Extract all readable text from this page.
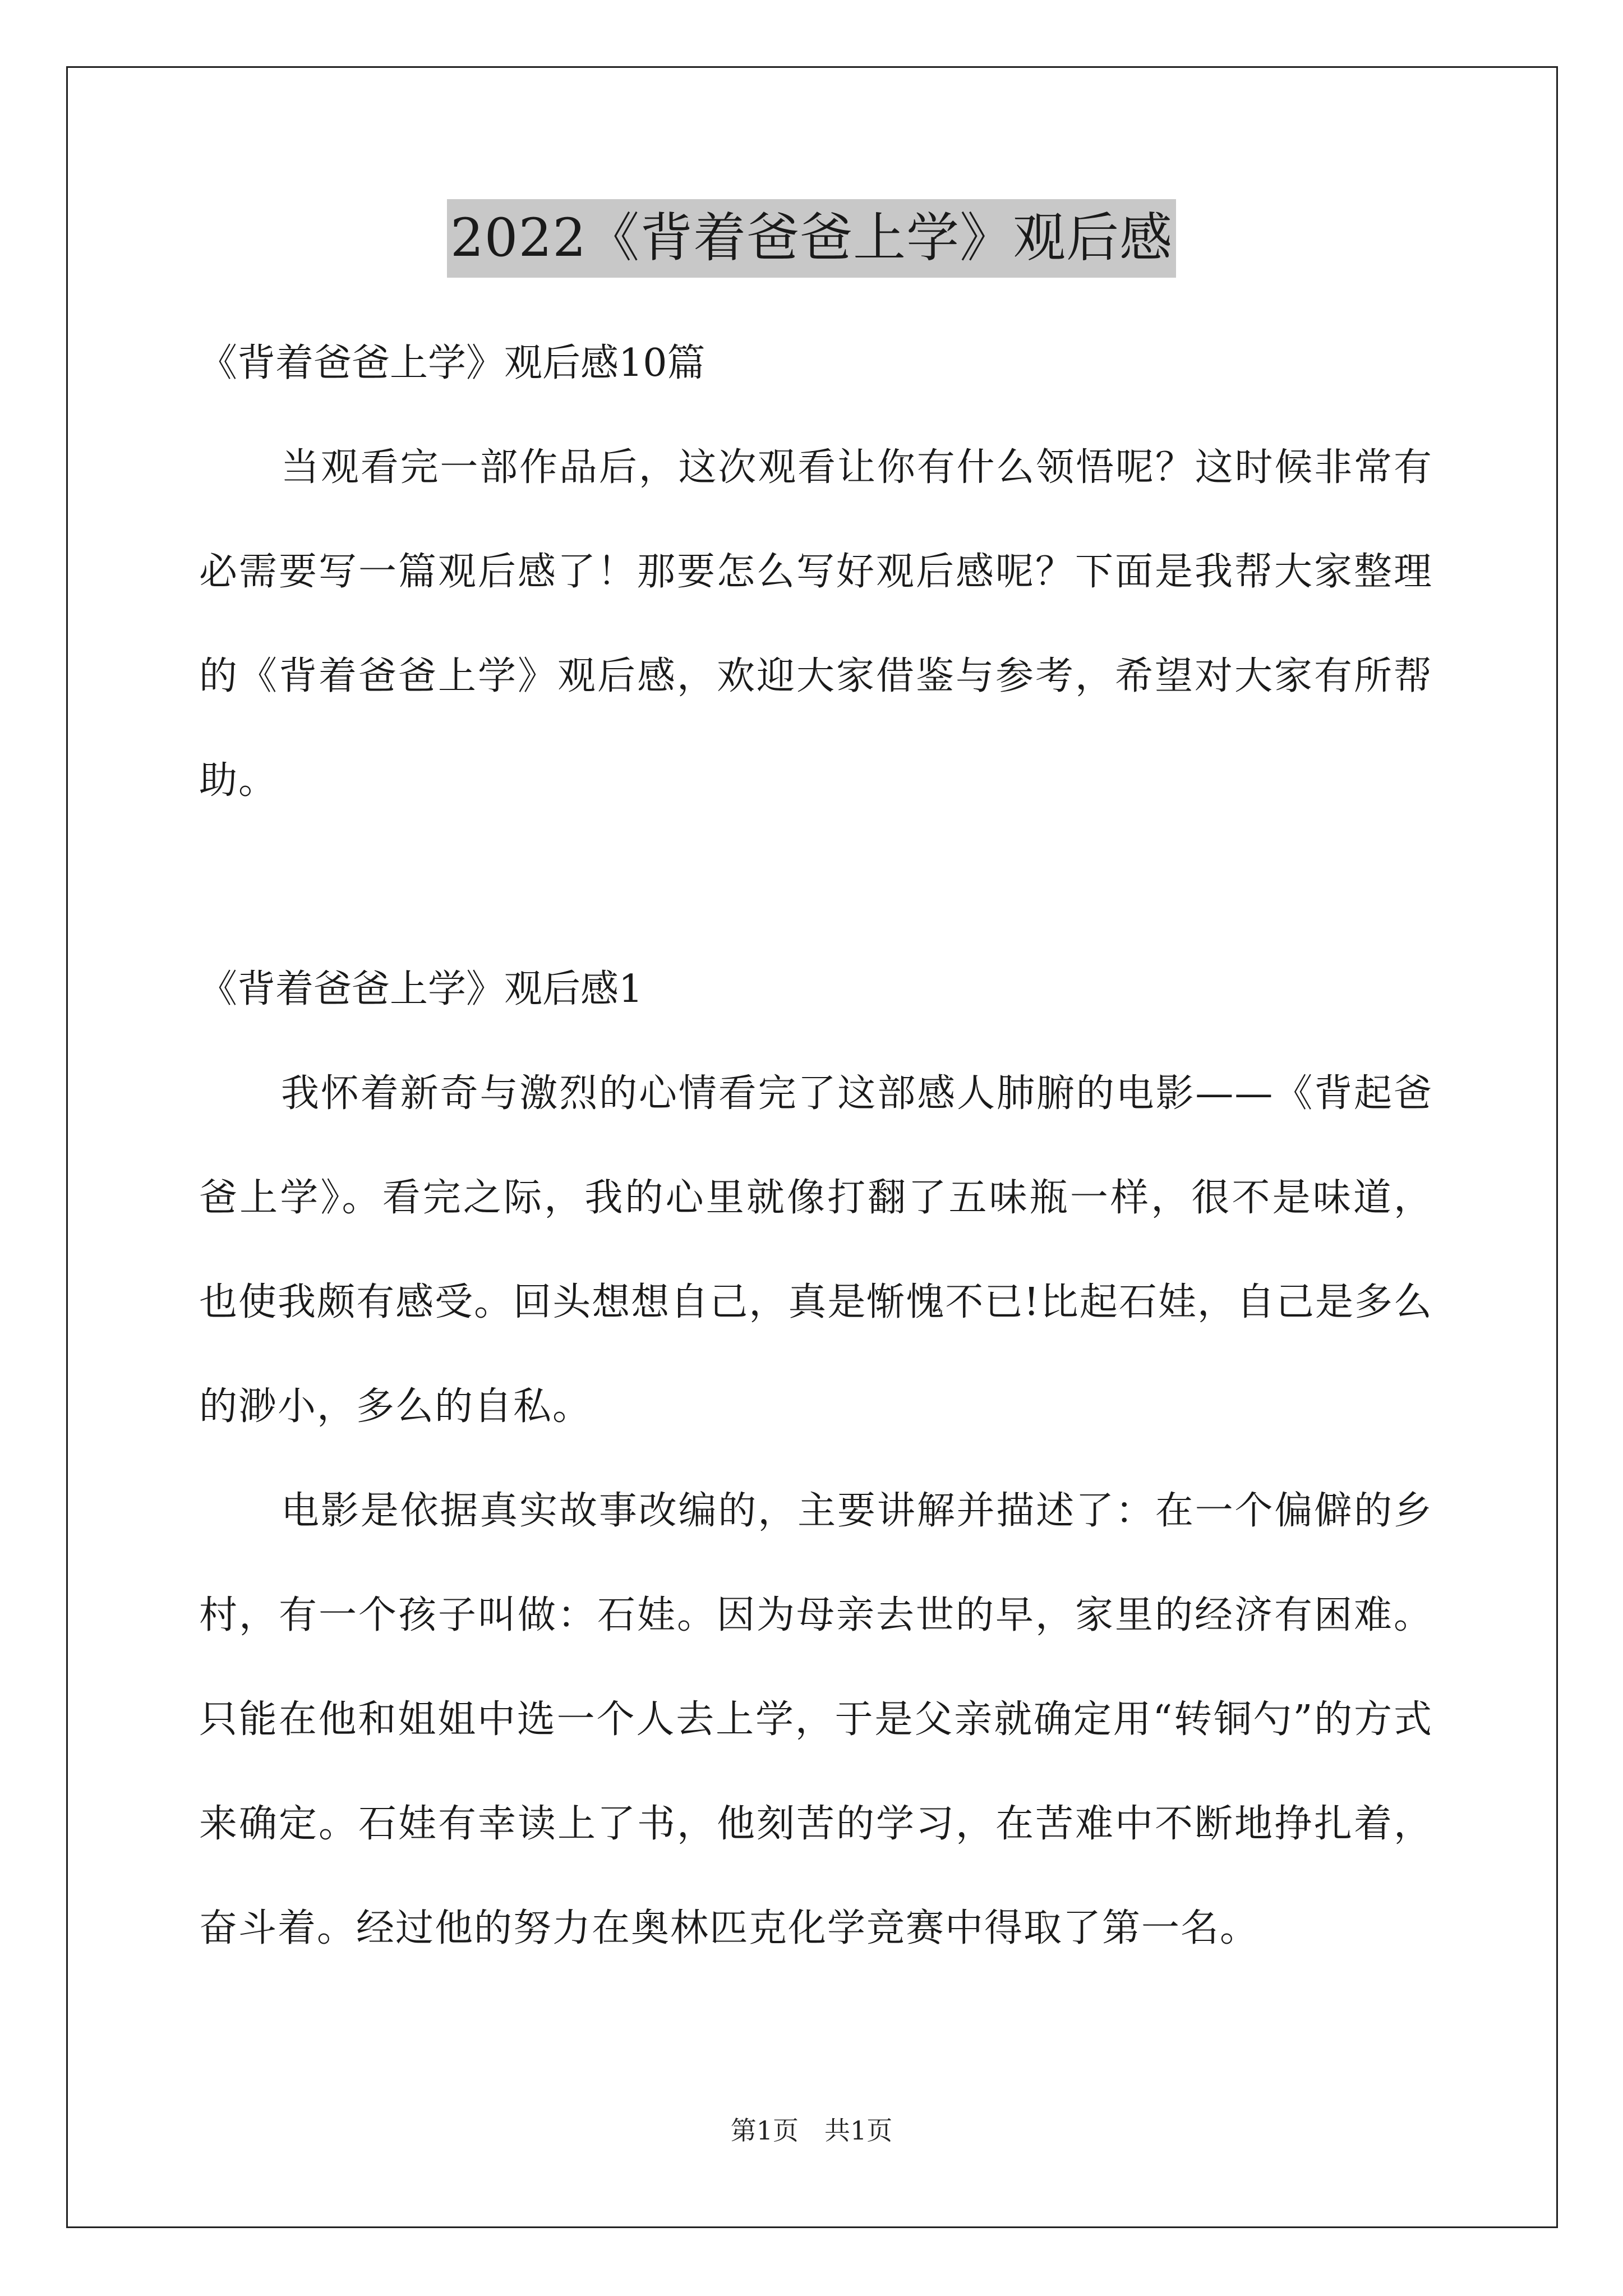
2022《背着爸爸上学》观后感

《背着爸爸上学》观后感10篇

当观看完一部作品后，这次观看让你有什么领悟呢？这时候非常有必需要写一篇观后感了！那要怎么写好观后感呢？下面是我帮大家整理的《背着爸爸上学》观后感，欢迎大家借鉴与参考，希望对大家有所帮助。

《背着爸爸上学》观后感1

我怀着新奇与激烈的心情看完了这部感人肺腑的电影——《背起爸爸上学》。看完之际，我的心里就像打翻了五味瓶一样，很不是味道，也使我颇有感受。回头想想自己，真是惭愧不已!比起石娃，自己是多么的渺小，多么的自私。

电影是依据真实故事改编的，主要讲解并描述了：在一个偏僻的乡村，有一个孩子叫做：石娃。因为母亲去世的早，家里的经济有困难。只能在他和姐姐中选一个人去上学，于是父亲就确定用“转铜勺”的方式来确定。石娃有幸读上了书，他刻苦的学习，在苦难中不断地挣扎着，奋斗着。经过他的努力在奥林匹克化学竞赛中得取了第一名。

第1页　共1页
